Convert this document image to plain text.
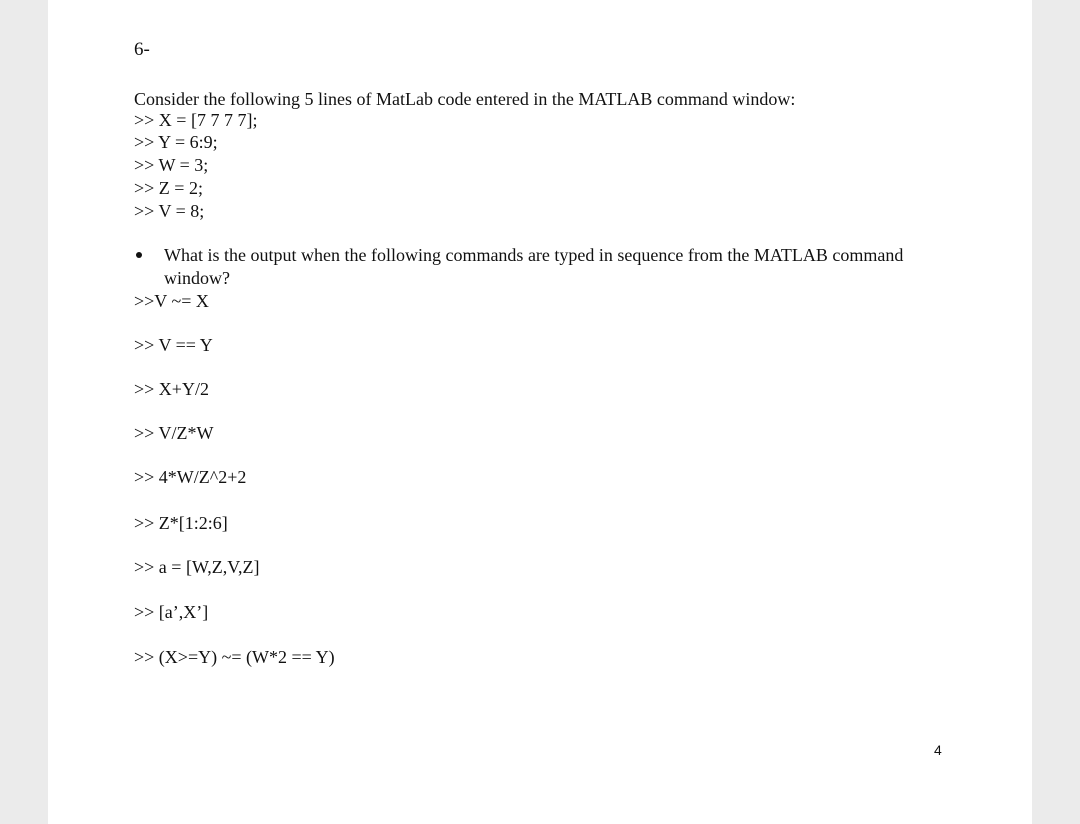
6-
Consider the following 5 lines of MatLab code entered in the MATLAB command window:
>> X = [7 7 7 7];
>> Y = 6:9;
>> W = 3;
>> Z = 2;
>> V = 8;
What is the output when the following commands are typed in sequence from the MATLAB command
window?
>>V ~= X
>> V == Y
>> X+Y/2
>> V/Z*W
>> 4*W/Z^2+2
>> Z*[1:2:6]
>> a = [W,Z,V,Z]
>> [a’,X’]
>> (X>=Y) ~= (W*2 == Y)
4
